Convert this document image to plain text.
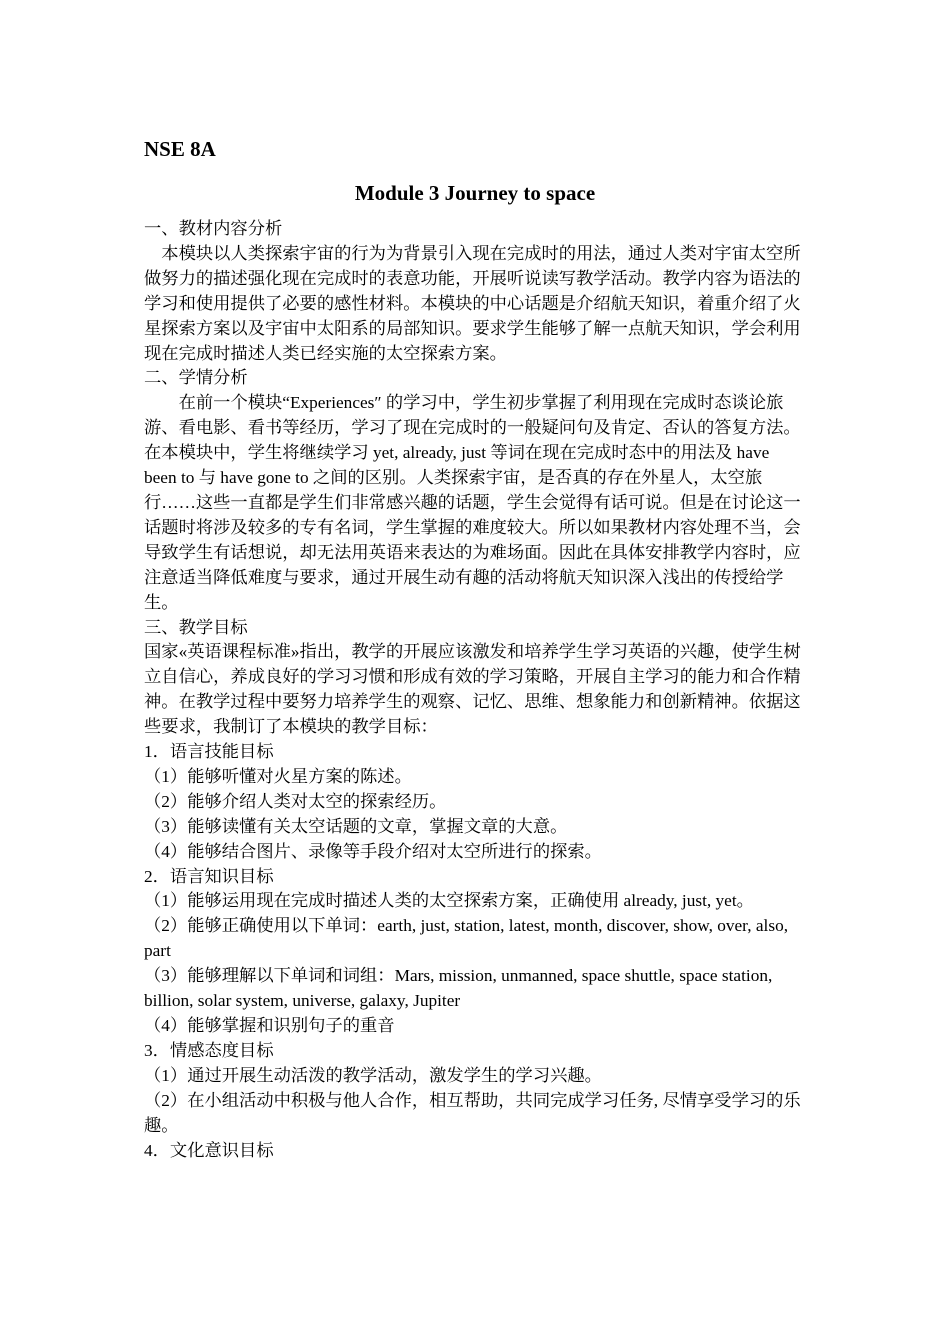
NSE 8A

Module 3 Journey to space

一、教材内容分析

本模块以人类探索宇宙的行为为背景引入现在完成时的用法，通过人类对宇宙太空所做努力的描述强化现在完成时的表意功能，开展听说读写教学活动。教学内容为语法的学习和使用提供了必要的感性材料。本模块的中心话题是介绍航天知识，着重介绍了火星探索方案以及宇宙中太阳系的局部知识。要求学生能够了解一点航天知识，学会利用现在完成时描述人类已经实施的太空探索方案。

二、学情分析

在前一个模块“Experiences″ 的学习中，学生初步掌握了利用现在完成时态谈论旅游、看电影、看书等经历，学习了现在完成时的一般疑问句及肯定、否认的答复方法。在本模块中，学生将继续学习 yet, already, just 等词在现在完成时态中的用法及 have been to 与 have gone to 之间的区别。人类探索宇宙，是否真的存在外星人，太空旅行……这些一直都是学生们非常感兴趣的话题，学生会觉得有话可说。但是在讨论这一话题时将涉及较多的专有名词，学生掌握的难度较大。所以如果教材内容处理不当，会导致学生有话想说，却无法用英语来表达的为难场面。因此在具体安排教学内容时，应注意适当降低难度与要求，通过开展生动有趣的活动将航天知识深入浅出的传授给学生。

三、教学目标

国家«英语课程标准»指出，教学的开展应该激发和培养学生学习英语的兴趣，使学生树立自信心，养成良好的学习习惯和形成有效的学习策略，开展自主学习的能力和合作精神。在教学过程中要努力培养学生的观察、记忆、思维、想象能力和创新精神。依据这些要求，我制订了本模块的教学目标：

1．语言技能目标

（1）能够听懂对火星方案的陈述。

（2）能够介绍人类对太空的探索经历。

（3）能够读懂有关太空话题的文章，掌握文章的大意。

（4）能够结合图片、录像等手段介绍对太空所进行的探索。

2．语言知识目标

（1）能够运用现在完成时描述人类的太空探索方案，正确使用 already, just, yet。

（2）能够正确使用以下单词：earth, just, station, latest, month, discover, show, over, also, part

（3）能够理解以下单词和词组：Mars, mission, unmanned, space shuttle, space station, billion, solar system, universe, galaxy, Jupiter

（4）能够掌握和识别句子的重音

3．情感态度目标

（1）通过开展生动活泼的教学活动，激发学生的学习兴趣。

（2）在小组活动中积极与他人合作，相互帮助，共同完成学习任务, 尽情享受学习的乐趣。

4．文化意识目标
